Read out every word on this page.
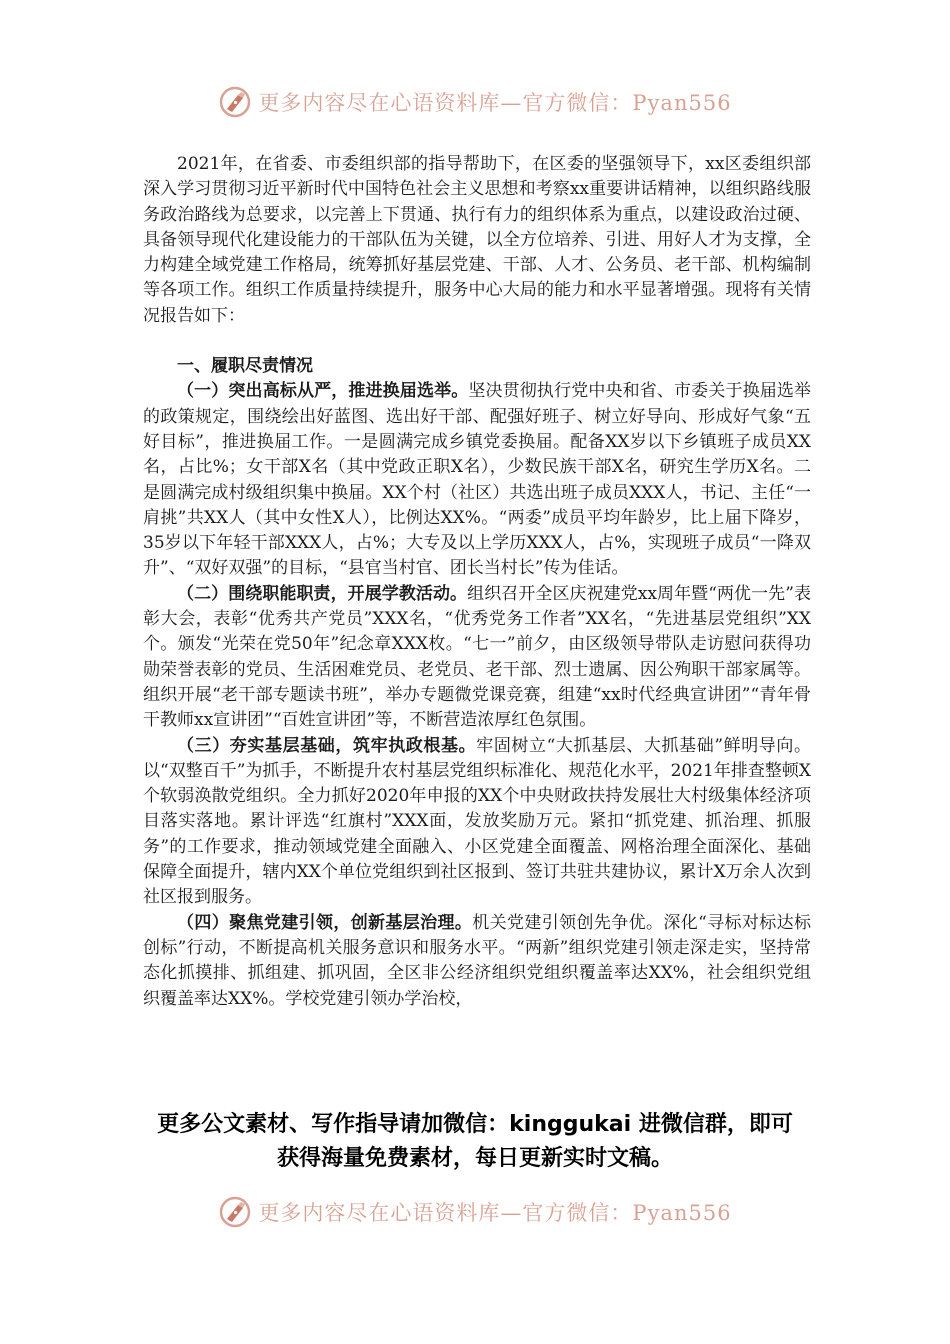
更多内容尽在心语资料库—官方微信：Pyan556

2021年，在省委、市委组织部的指导帮助下，在区委的坚强领导下，xx区委组织部深入学习贯彻习近平新时代中国特色社会主义思想和考察xx重要讲话精神，以组织路线服务政治路线为总要求，以完善上下贯通、执行有力的组织体系为重点，以建设政治过硬、具备领导现代化建设能力的干部队伍为关键，以全方位培养、引进、用好人才为支撑，全力构建全域党建工作格局，统筹抓好基层党建、干部、人才、公务员、老干部、机构编制等各项工作。组织工作质量持续提升，服务中心大局的能力和水平显著增强。现将有关情况报告如下：

一、履职尽责情况

（一）突出高标从严，推进换届选举。坚决贯彻执行党中央和省、市委关于换届选举的政策规定，围绕绘出好蓝图、选出好干部、配强好班子、树立好导向、形成好气象“五好目标”，推进换届工作。一是圆满完成乡镇党委换届。配备XX岁以下乡镇班子成员XX名，占比%；女干部X名（其中党政正职X名），少数民族干部X名，研究生学历X名。二是圆满完成村级组织集中换届。XX个村（社区）共选出班子成员XXX人，书记、主任“一肩挑”共XX人（其中女性X人），比例达XX%。“两委”成员平均年龄岁，比上届下降岁，35岁以下年轻干部XXX人，占%；大专及以上学历XXX人，占%，实现班子成员“一降双升”、“双好双强”的目标，“县官当村官、团长当村长”传为佳话。

（二）围绕职能职责，开展学教活动。组织召开全区庆祝建党xx周年暨“两优一先”表彰大会，表彰“优秀共产党员”XXX名，“优秀党务工作者”XX名，“先进基层党组织”XX个。颁发“光荣在党50年”纪念章XXX枚。“七一”前夕，由区级领导带队走访慰问获得功勋荣誉表彰的党员、生活困难党员、老党员、老干部、烈士遗属、因公殉职干部家属等。组织开展“老干部专题读书班”，举办专题微党课竞赛，组建“xx时代经典宣讲团”“青年骨干教师xx宣讲团”“百姓宣讲团”等，不断营造浓厚红色氛围。

（三）夯实基层基础，筑牢执政根基。牢固树立“大抓基层、大抓基础”鲜明导向。以“双整百千”为抓手，不断提升农村基层党组织标准化、规范化水平，2021年排查整顿X个软弱涣散党组织。全力抓好2020年申报的XX个中央财政扶持发展壮大村级集体经济项目落实落地。累计评选“红旗村”XXX面，发放奖励万元。紧扣“抓党建、抓治理、抓服务”的工作要求，推动领域党建全面融入、小区党建全面覆盖、网格治理全面深化、基础保障全面提升，辖内XX个单位党组织到社区报到、签订共驻共建协议，累计X万余人次到社区报到服务。

（四）聚焦党建引领，创新基层治理。机关党建引领创先争优。深化“寻标对标达标创标”行动，不断提高机关服务意识和服务水平。“两新”组织党建引领走深走实，坚持常态化抓摸排、抓组建、抓巩固，全区非公经济组织党组织覆盖率达XX%，社会组织党组织覆盖率达XX%。学校党建引领办学治校，

更多公文素材、写作指导请加微信：kinggukai 进微信群，即可
获得海量免费素材，每日更新实时文稿。
更多内容尽在心语资料库—官方微信：Pyan556
